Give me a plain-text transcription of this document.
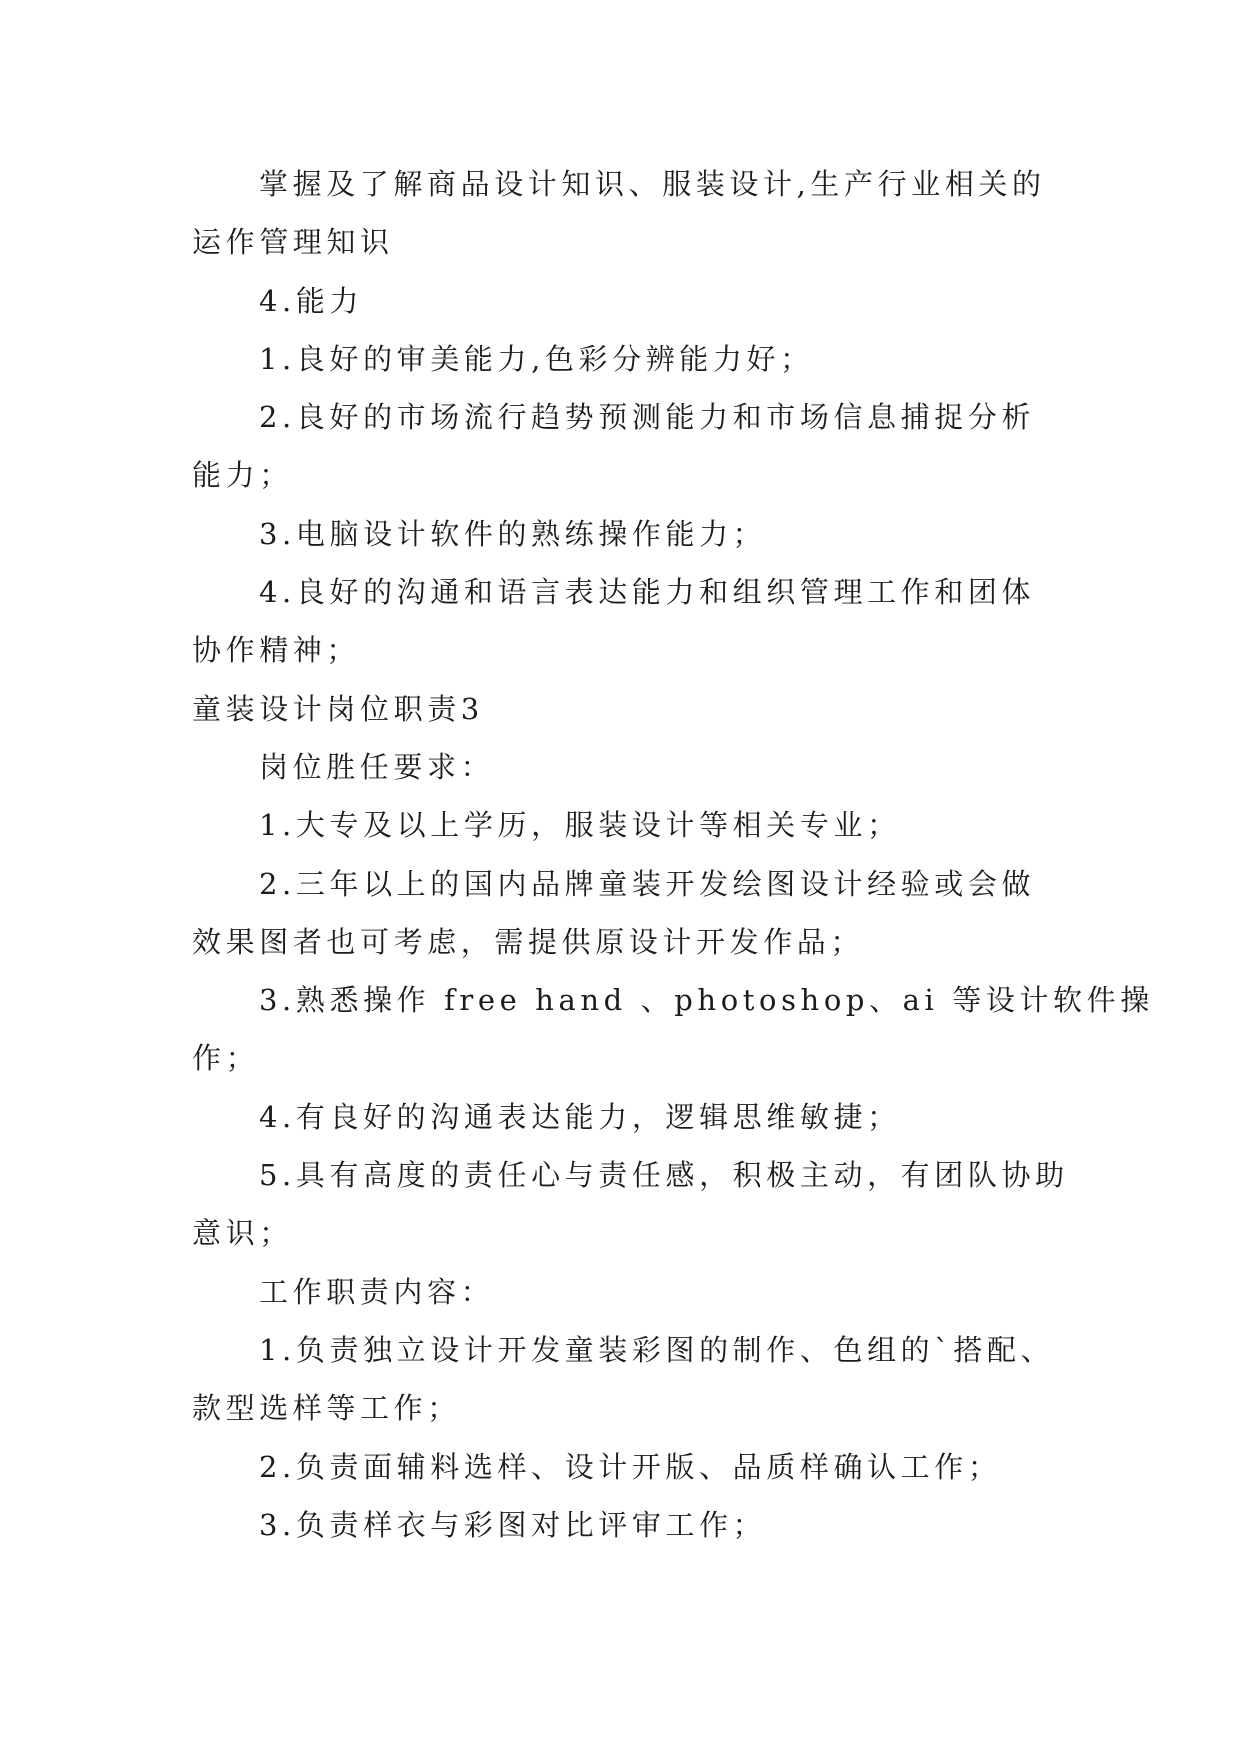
掌握及了解商品设计知识、服装设计,生产行业相关的
运作管理知识
4.能力
1.良好的审美能力,色彩分辨能力好；
2.良好的市场流行趋势预测能力和市场信息捕捉分析
能力；
3.电脑设计软件的熟练操作能力；
4.良好的沟通和语言表达能力和组织管理工作和团体
协作精神；
童装设计岗位职责3
岗位胜任要求：
1.大专及以上学历，服装设计等相关专业；
2.三年以上的国内品牌童装开发绘图设计经验或会做
效果图者也可考虑，需提供原设计开发作品；
3.熟悉操作 free hand 、photoshop、ai 等设计软件操
作；
4.有良好的沟通表达能力，逻辑思维敏捷；
5.具有高度的责任心与责任感，积极主动，有团队协助
意识；
工作职责内容：
1.负责独立设计开发童装彩图的制作、色组的`搭配、
款型选样等工作；
2.负责面辅料选样、设计开版、品质样确认工作；
3.负责样衣与彩图对比评审工作；
